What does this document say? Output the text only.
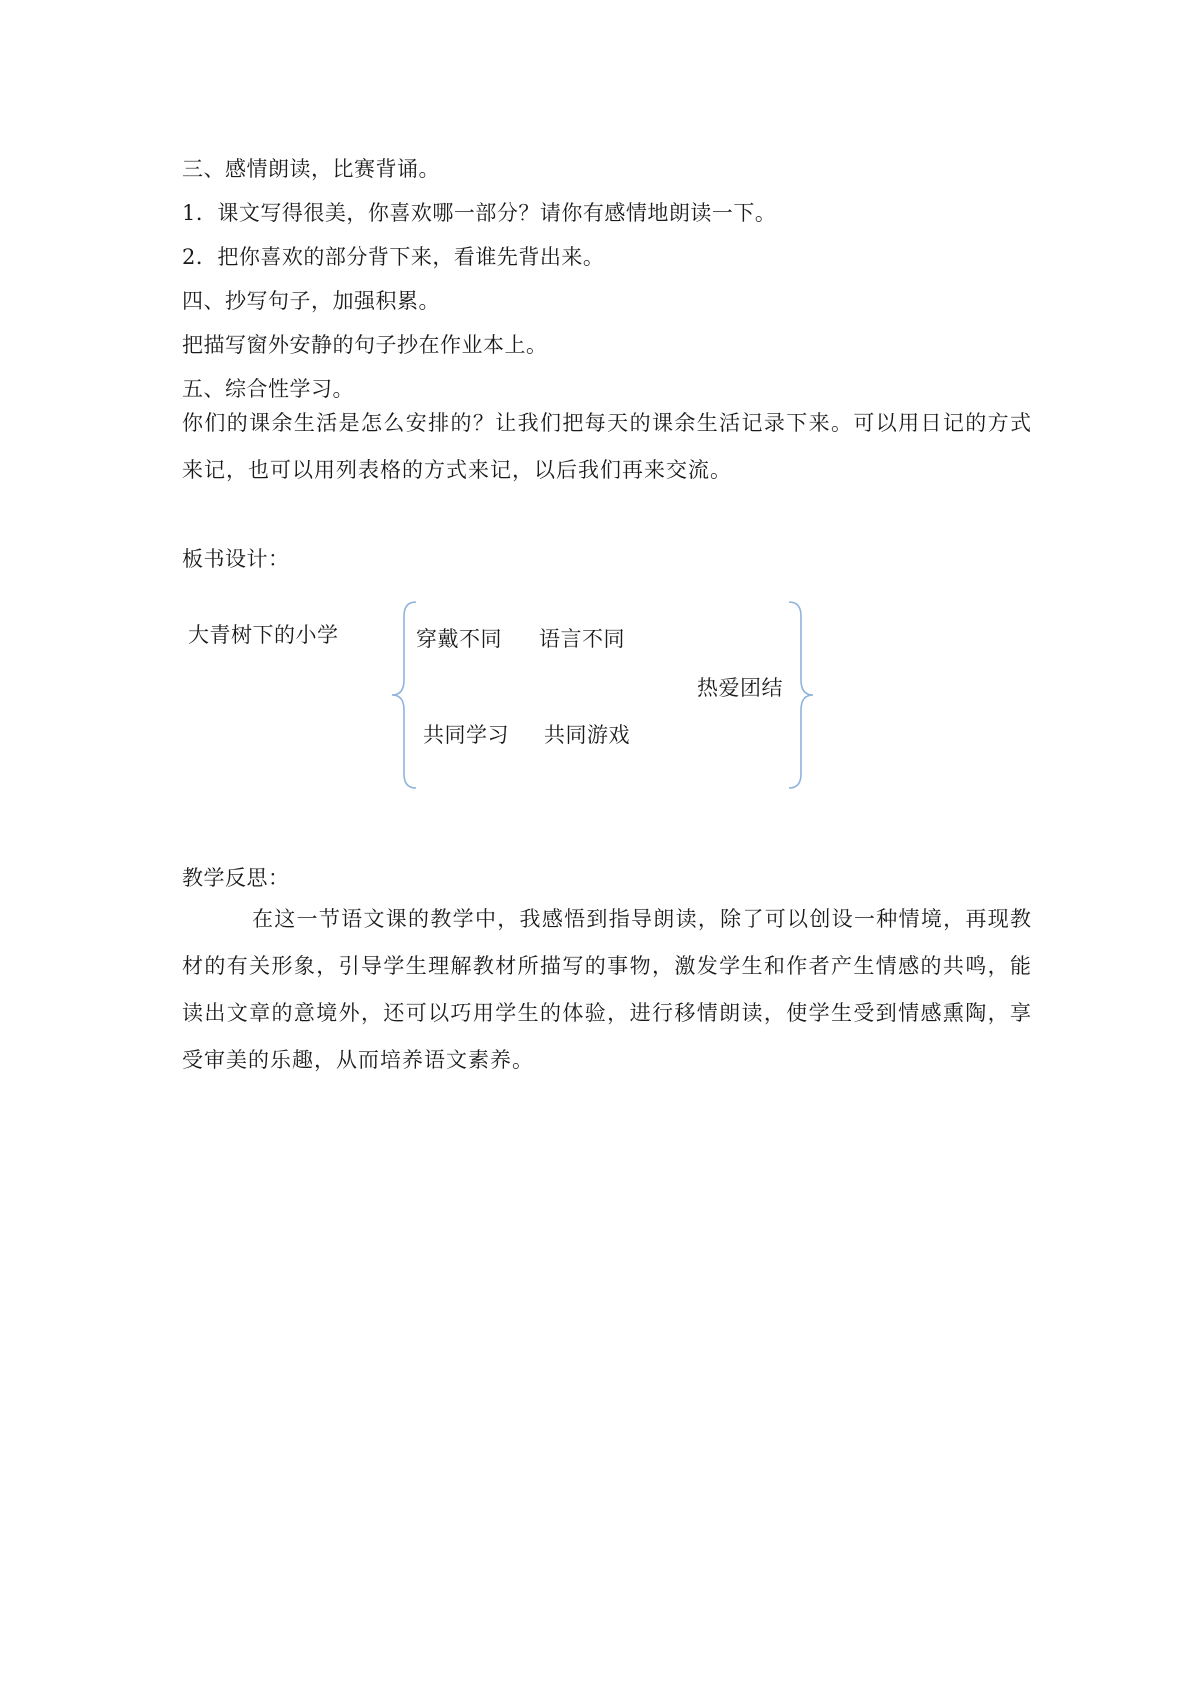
三、感情朗读，比赛背诵。
1．课文写得很美，你喜欢哪一部分？请你有感情地朗读一下。
2．把你喜欢的部分背下来，看谁先背出来。
四、抄写句子，加强积累。
把描写窗外安静的句子抄在作业本上。
五、综合性学习。
你们的课余生活是怎么安排的？让我们把每天的课余生活记录下来。可以用日记的方式来记，也可以用列表格的方式来记，以后我们再来交流。
板书设计：
大青树下的小学	穿戴不同 语言不同
共同学习 共同游戏
热爱团结
教学反思：
在这一节语文课的教学中，我感悟到指导朗读，除了可以创设一种情境，再现教材的有关形象，引导学生理解教材所描写的事物，激发学生和作者产生情感的共鸣，能读出文章的意境外，还可以巧用学生的体验，进行移情朗读，使学生受到情感熏陶，享受审美的乐趣，从而培养语文素养。
